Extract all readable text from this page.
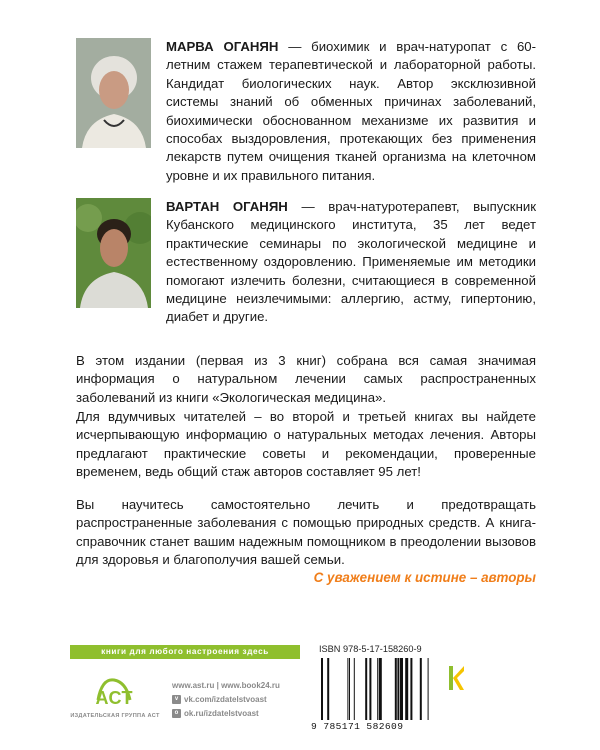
МАРВА ОГАНЯН — биохимик и врач-натуропат с 60-летним стажем терапевтической и лабораторной работы. Кандидат биологических наук. Автор эксклюзивной системы знаний об обменных причинах заболеваний, биохимически обоснованном механизме их развития и способах выздоровления, протекающих без применения лекарств путем очищения тканей организма на клеточном уровне и их правильного питания.
ВАРТАН ОГАНЯН — врач-натуротерапевт, выпускник Кубанского медицинского института, 35 лет ведет практические семинары по экологической медицине и естественному оздоровлению. Применяемые им методики помогают излечить болезни, считающиеся в современной медицине неизлечимыми: аллергию, астму, гипертонию, диабет и другие.

В этом издании (первая из 3 книг) собрана вся самая значимая информация о натуральном лечении самых распространенных заболеваний из книги «Экологическая медицина».

Для вдумчивых читателей – во второй и третьей книгах вы найдете исчерпывающую информацию о натуральных методах лечения. Авторы предлагают практические советы и рекомендации, проверенные временем, ведь общий стаж авторов составляет 95 лет!

Вы научитесь самостоятельно лечить и предотвращать распространенные заболевания с помощью природных средств. А книга-справочник станет вашим надежным помощником в преодолении вызовов для здоровья и благополучия вашей семьи.

С уважением к истине – авторы
книги для любого настроения здесь
ACT
ИЗДАТЕЛЬСКАЯ ГРУППА АСТ
www.ast.ru | www.book24.ru
v vk.com/izdatelstvoast
o ok.ru/izdatelstvoast
ISBN 978-5-17-158260-9
9 785171 582609
